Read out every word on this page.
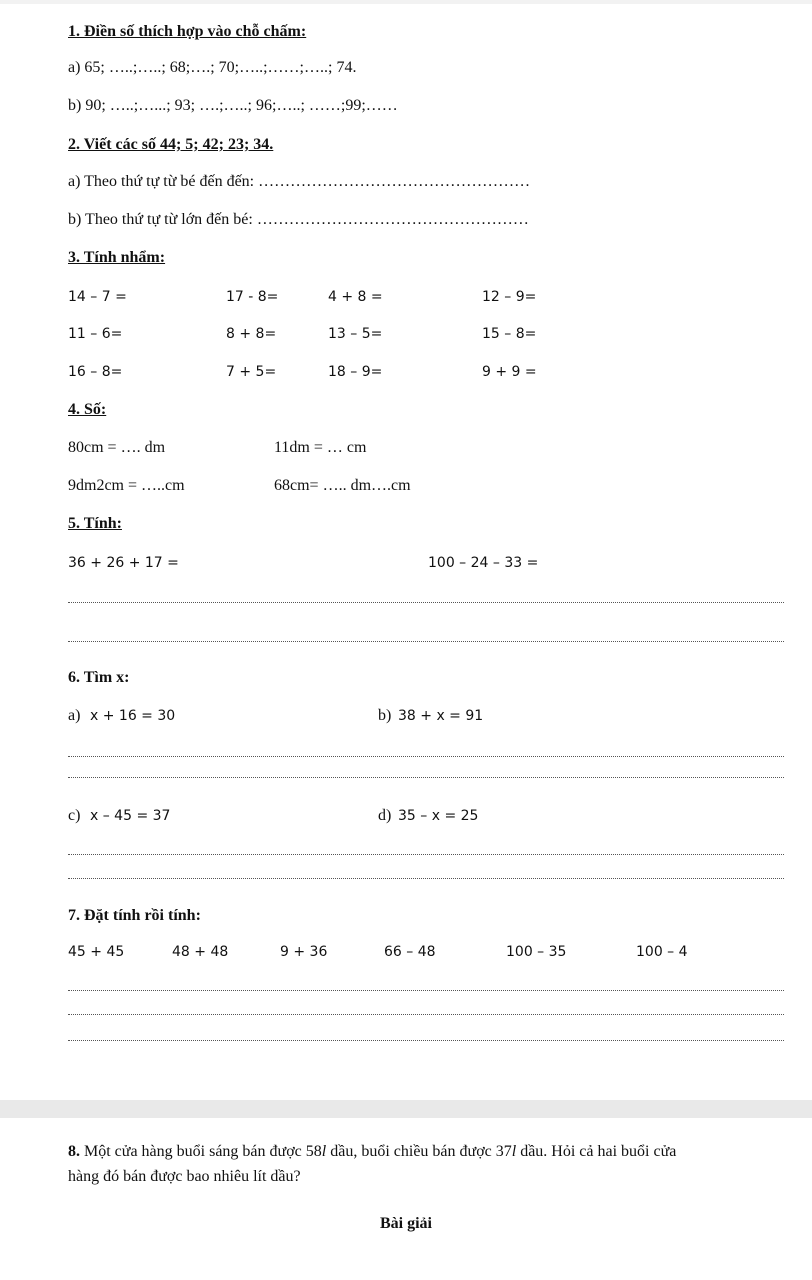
1. Điền số thích hợp vào chỗ chấm:
a) 65; …..;…..; 68;….; 70;…..;……;…..; 74.
b) 90; …..;…...; 93; ….;…..; 96;…..; ……;99;……
2. Viết các số 44; 5; 42; 23; 34.
a) Theo thứ tự từ bé đến đến: ……………………………………………
b) Theo thứ tự từ lớn đến bé: ……………………………………………
3. Tính nhẩm:
14 – 7 =	17 - 8=	4 + 8 =	12 – 9=
11 – 6=	8 + 8=	13 – 5=	15 – 8=
16 – 8=	7 + 5=	18 – 9=	9 + 9 =
4. Số:
80cm = …. dm	11dm = … cm
9dm2cm = …..cm	68cm= ….. dm….cm
5. Tính:
36 + 26 + 17 =	100 – 24 – 33 =
6. Tìm x:
a) x + 16 = 30	b) 38 + x = 91
c) x – 45 = 37	d) 35 – x = 25
7. Đặt tính rồi tính:
45 + 45	48 + 48	9 + 36	66 – 48	100 – 35	100 – 4
8. Một cửa hàng buổi sáng bán được 58l dầu, buổi chiều bán được 37l dầu. Hỏi cả hai buổi cửa
hàng đó bán được bao nhiêu lít dầu?
Bài giải
